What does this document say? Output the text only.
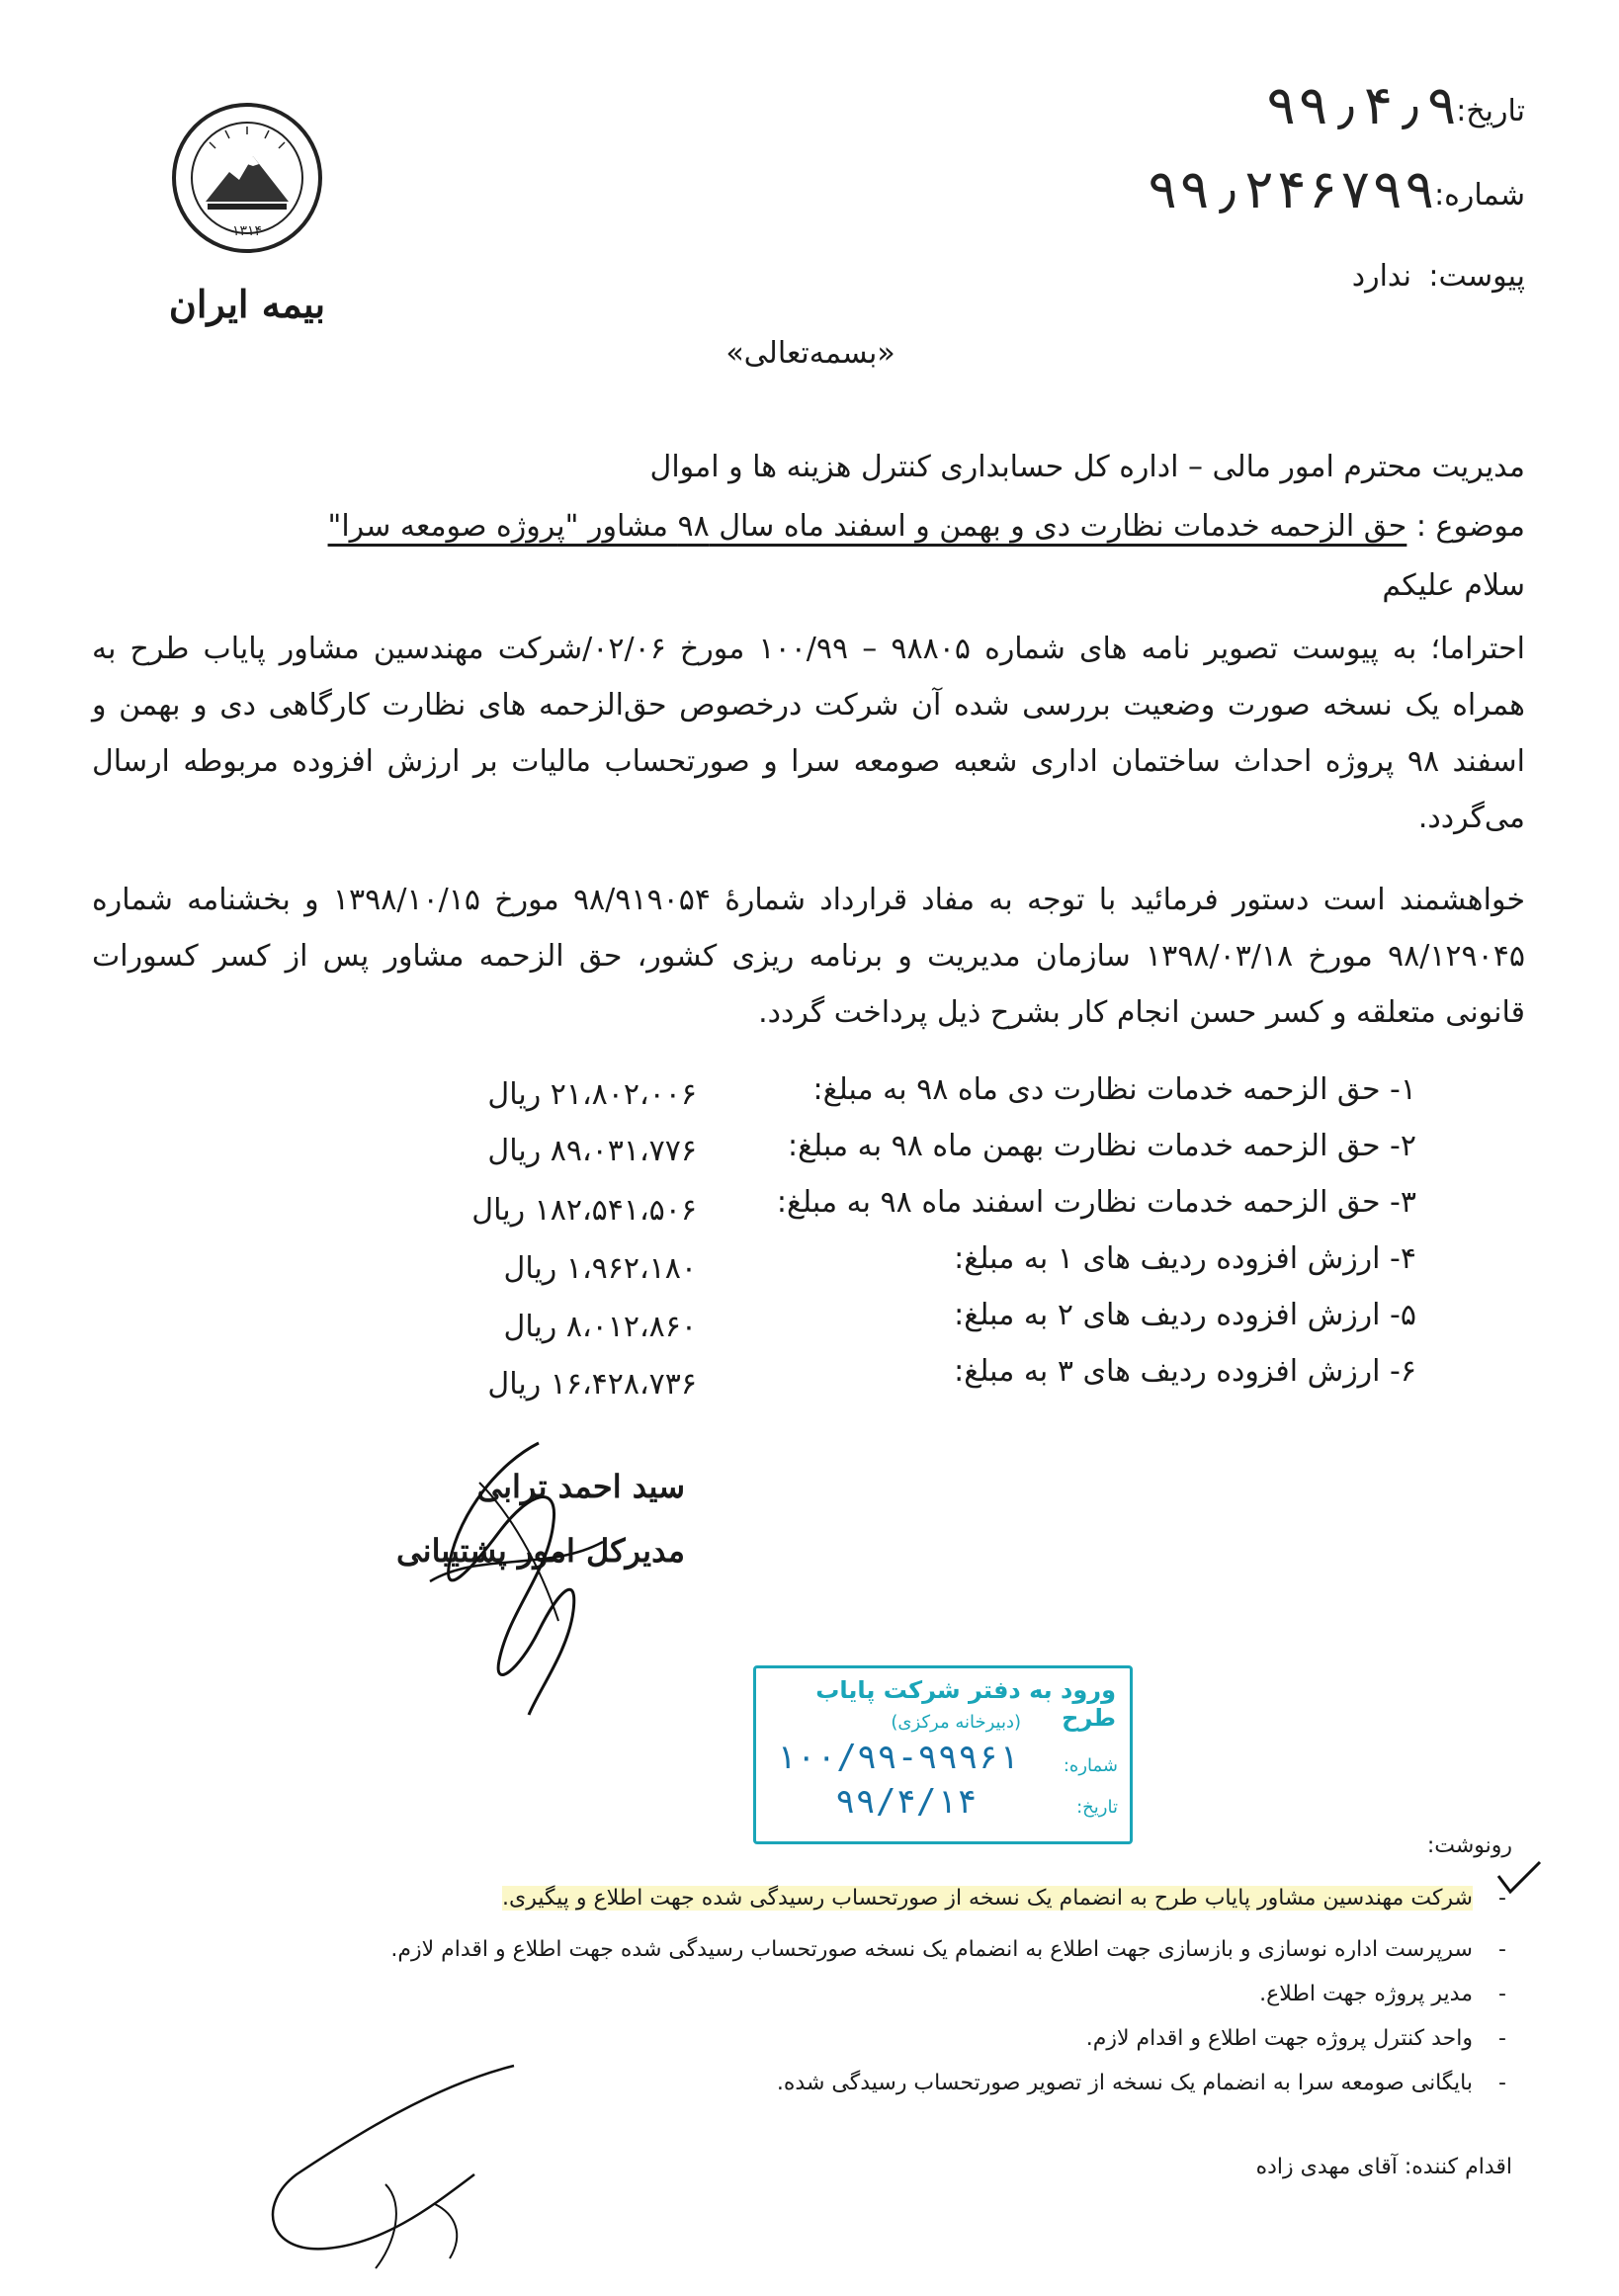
۱۳۱۴
بیمه ایران
تاریخ:
۹۹٫۴٫۹
شماره:
۹۹٫۲۴۶۷۹۹
پیوست:
ندارد
«بسمه‌تعالی»
مدیریت محترم امور مالی – اداره کل حسابداری کنترل هزینه ها و اموال
موضوع : حق الزحمه خدمات نظارت دی و بهمن و اسفند ماه سال ۹۸ مشاور "پروژه صومعه سرا"
سلام علیکم
احتراما؛ به پیوست تصویر نامه های شماره ۹۸۸۰۵ – ۱۰۰/۹۹ مورخ ۰۲/۰۶/شرکت مهندسین مشاور پایاب طرح به همراه یک نسخه صورت وضعیت بررسی شده آن شرکت درخصوص حق‌الزحمه های نظارت کارگاهی دی و بهمن و اسفند ۹۸ پروژه احداث ساختمان اداری شعبه صومعه سرا و صورتحساب مالیات بر ارزش افزوده مربوطه ارسال می‌گردد.
خواهشمند است دستور فرمائید با توجه به مفاد قرارداد شمارۀ ۹۸/۹۱۹۰۵۴ مورخ ۱۳۹۸/۱۰/۱۵ و بخشنامه شماره ۹۸/۱۲۹۰۴۵ مورخ ۱۳۹۸/۰۳/۱۸ سازمان مدیریت و برنامه ریزی کشور، حق الزحمه مشاور پس از کسر کسورات قانونی متعلقه و کسر حسن انجام کار بشرح ذیل پرداخت گردد.
۱- حق الزحمه خدمات نظارت دی ماه ۹۸ به مبلغ:
۲۱،۸۰۲،۰۰۶ ریال
۲- حق الزحمه خدمات نظارت بهمن ماه ۹۸ به مبلغ:
۸۹،۰۳۱،۷۷۶ ریال
۳- حق الزحمه خدمات نظارت اسفند ماه ۹۸ به مبلغ:
۱۸۲،۵۴۱،۵۰۶ ریال
۴- ارزش افزوده ردیف های ۱ به مبلغ:
۱،۹۶۲،۱۸۰ ریال
۵- ارزش افزوده ردیف های ۲ به مبلغ:
۸،۰۱۲،۸۶۰ ریال
۶- ارزش افزوده ردیف های ۳ به مبلغ:
۱۶،۴۲۸،۷۳۶ ریال
سید احمد ترابی
مدیرکل امور پشتیبانی
ورود به دفتر شرکت پایاب طرح
(دبیرخانه مرکزی)
شماره:
۱۰۰/۹۹-۹۹۹۶۱
تاریخ:
۹۹/۴/۱۴
رونوشت:
-
شرکت مهندسین مشاور پایاب طرح به انضمام یک نسخه از صورتحساب رسیدگی شده جهت اطلاع و پیگیری.
-
سرپرست اداره نوسازی و بازسازی جهت اطلاع به انضمام یک نسخه صورتحساب رسیدگی شده جهت اطلاع و اقدام لازم.
-
مدیر پروژه جهت اطلاع.
-
واحد کنترل پروژه جهت اطلاع و اقدام لازم.
-
بایگانی صومعه سرا به انضمام یک نسخه از تصویر صورتحساب رسیدگی شده.
اقدام کننده: آقای مهدی زاده
